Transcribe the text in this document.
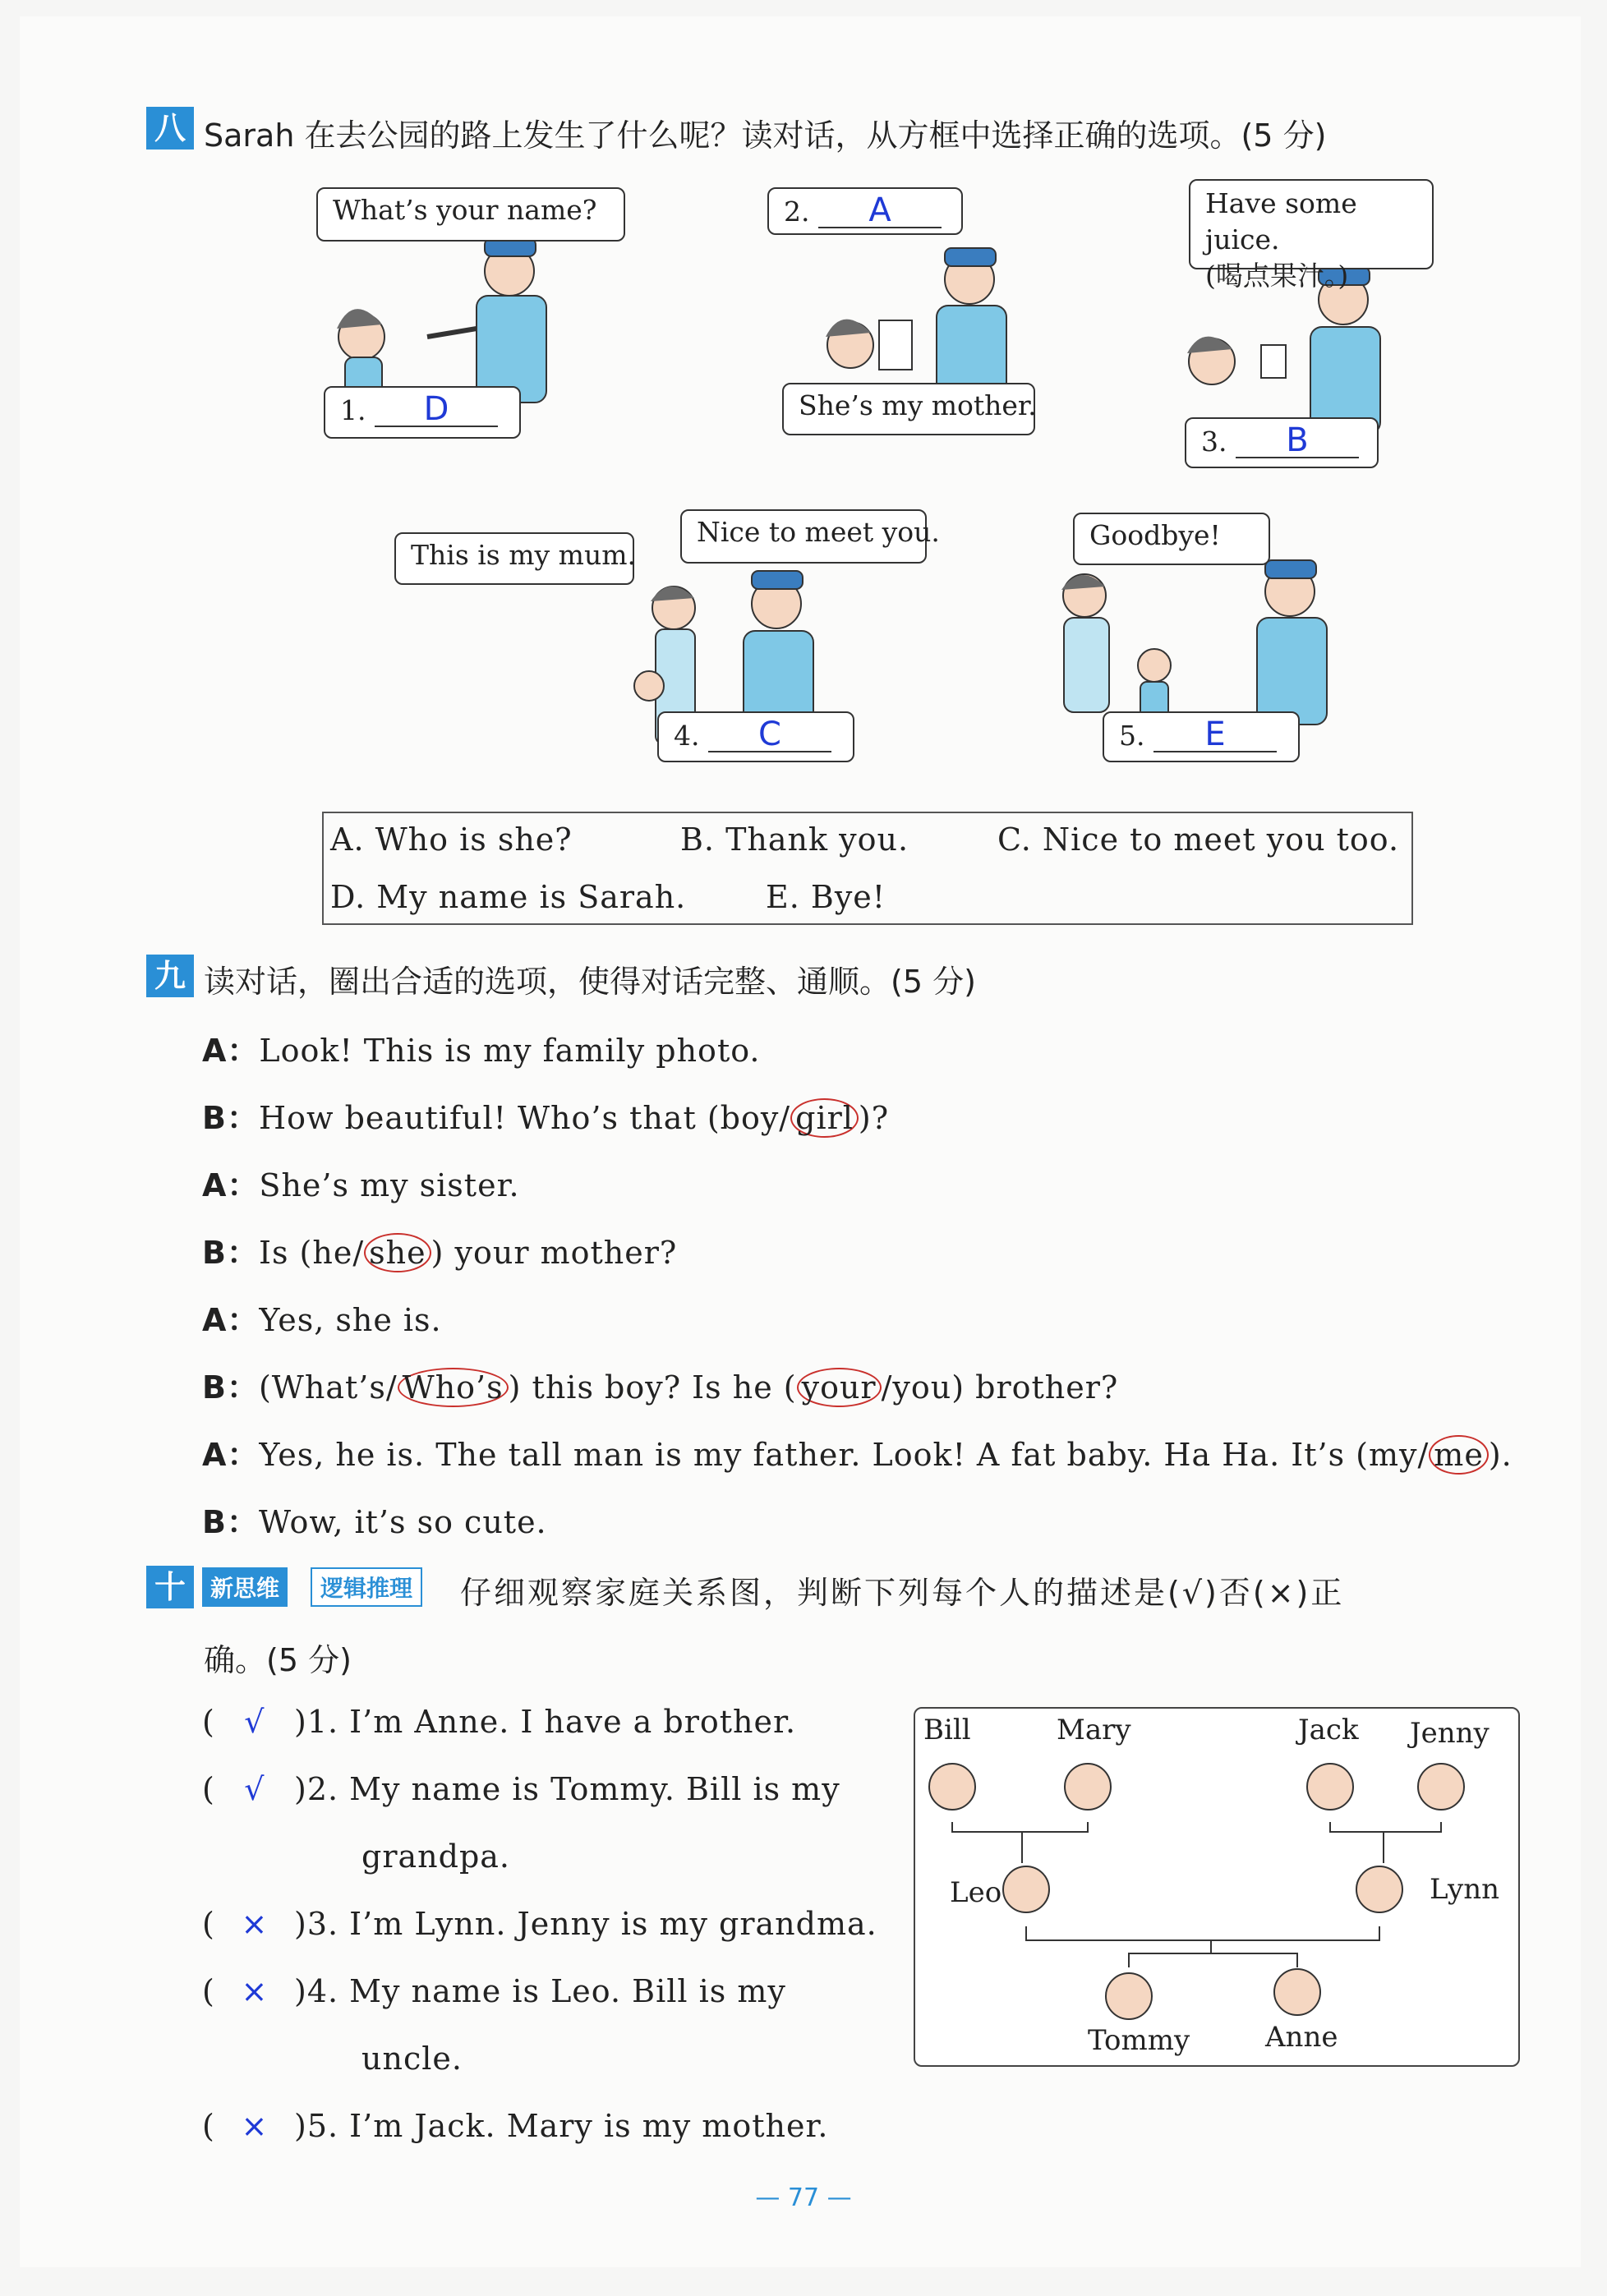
八 Sarah 在去公园的路上发生了什么呢？读对话，从方框中选择正确的选项。(5 分)
What’s your name?
1. D
2. A
She’s my mother.
Have some juice.
(喝点果汁。)
3. B
This is my mum.
Nice to meet you.
4. C
Goodbye!
5. E
A. Who is she?	B. Thank you.	C. Nice to meet you too.
D. My name is Sarah.	E. Bye!
九 读对话，圈出合适的选项，使得对话完整、通顺。(5 分)
A：Look! This is my family photo.
B：How beautiful! Who’s that (boy/ girl )?
A：She’s my sister.
B：Is (he/ she ) your mother?
A：Yes, she is.
B：(What’s/ Who’s ) this boy? Is he ( your /you) brother?
A：Yes, he is. The tall man is my father. Look! A fat baby. Ha Ha. It’s (my/ me ).
B：Wow, it’s so cute.
十	新思维	逻辑推理	仔细观察家庭关系图，判断下列每个人的描述是(√)否(×)正
确。(5 分)
( √ )1. I’m Anne. I have a brother.
( √ )2. My name is Tommy. Bill is my
grandpa.
( × )3. I’m Lynn. Jenny is my grandma.
( × )4. My name is Leo. Bill is my
uncle.
( × )5. I’m Jack. Mary is my mother.
Bill	Mary	Jack Jenny
Leo	Lynn
Tommy	Anne
— 77 —
